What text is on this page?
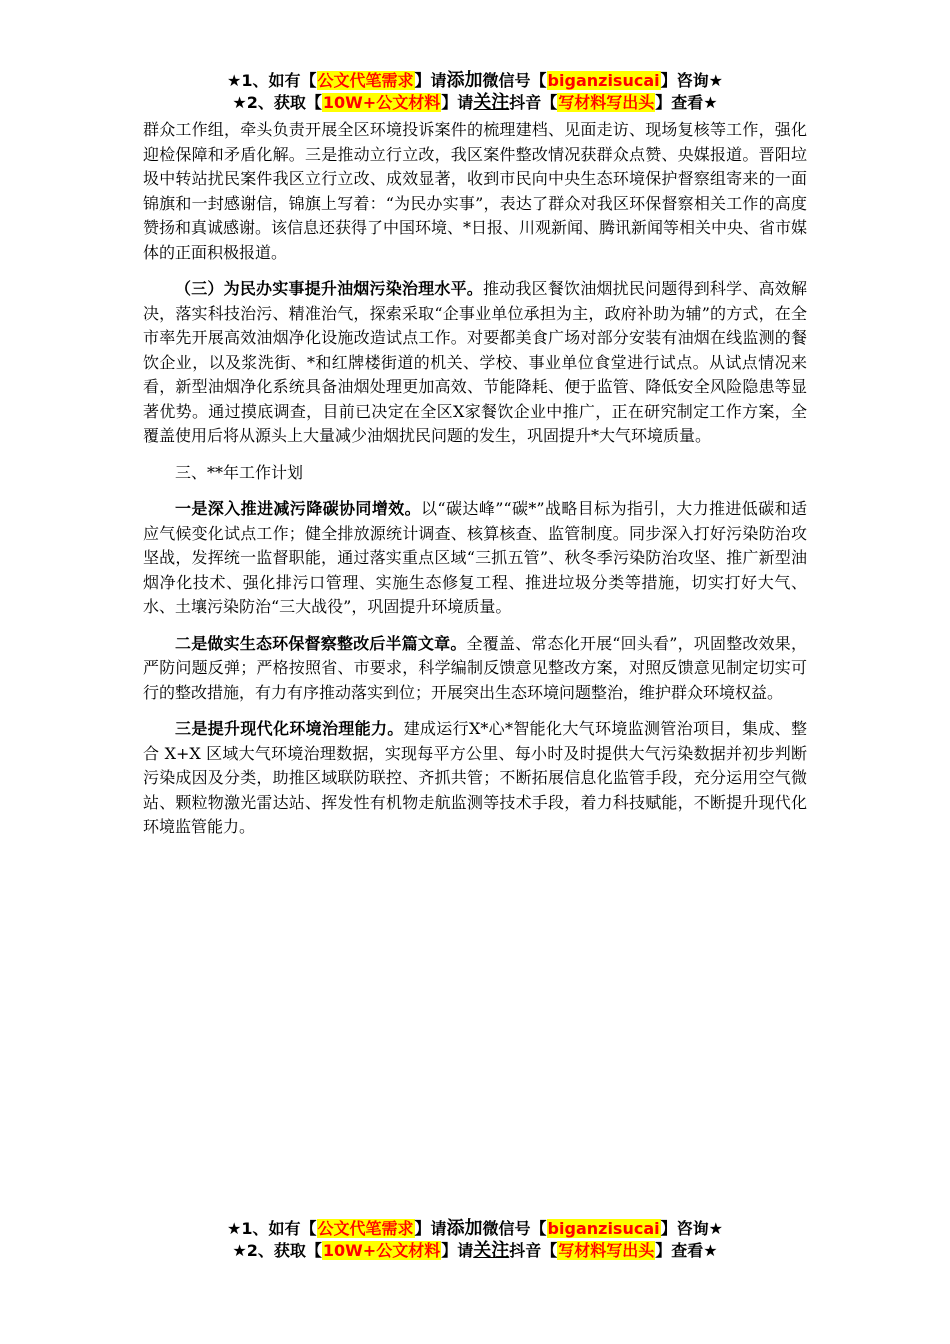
★1、如有【公文代笔需求】请添加微信号【biganzisucai】咨询★
★2、获取【10W+公文材料】请关注抖音【写材料写出头】查看★

群众工作组，牵头负责开展全区环境投诉案件的梳理建档、见面走访、现场复核等工作，强化迎检保障和矛盾化解。三是推动立行立改，我区案件整改情况获群众点赞、央媒报道。晋阳垃圾中转站扰民案件我区立行立改、成效显著，收到市民向中央生态环境保护督察组寄来的一面锦旗和一封感谢信，锦旗上写着：“为民办实事”，表达了群众对我区环保督察相关工作的高度赞扬和真诚感谢。该信息还获得了中国环境、*日报、川观新闻、腾讯新闻等相关中央、省市媒体的正面积极报道。

（三）为民办实事提升油烟污染治理水平。推动我区餐饮油烟扰民问题得到科学、高效解决，落实科技治污、精准治气，探索采取“企事业单位承担为主，政府补助为辅”的方式，在全市率先开展高效油烟净化设施改造试点工作。对要都美食广场对部分安装有油烟在线监测的餐饮企业，以及浆洗街、*和红牌楼街道的机关、学校、事业单位食堂进行试点。从试点情况来看，新型油烟净化系统具备油烟处理更加高效、节能降耗、便于监管、降低安全风险隐患等显著优势。通过摸底调查，目前已决定在全区X家餐饮企业中推广，正在研究制定工作方案，全覆盖使用后将从源头上大量减少油烟扰民问题的发生，巩固提升*大气环境质量。

三、**年工作计划

一是深入推进减污降碳协同增效。以“碳达峰”“碳*”战略目标为指引，大力推进低碳和适应气候变化试点工作；健全排放源统计调查、核算核查、监管制度。同步深入打好污染防治攻坚战，发挥统一监督职能，通过落实重点区域“三抓五管”、秋冬季污染防治攻坚、推广新型油烟净化技术、强化排污口管理、实施生态修复工程、推进垃圾分类等措施，切实打好大气、水、土壤污染防治“三大战役”，巩固提升环境质量。

二是做实生态环保督察整改后半篇文章。全覆盖、常态化开展“回头看”，巩固整改效果，严防问题反弹；严格按照省、市要求，科学编制反馈意见整改方案，对照反馈意见制定切实可行的整改措施，有力有序推动落实到位；开展突出生态环境问题整治，维护群众环境权益。

三是提升现代化环境治理能力。建成运行X*心*智能化大气环境监测管治项目，集成、整合 X+X 区域大气环境治理数据，实现每平方公里、每小时及时提供大气污染数据并初步判断污染成因及分类，助推区域联防联控、齐抓共管；不断拓展信息化监管手段，充分运用空气微站、颗粒物激光雷达站、挥发性有机物走航监测等技术手段，着力科技赋能，不断提升现代化环境监管能力。

★1、如有【公文代笔需求】请添加微信号【biganzisucai】咨询★
★2、获取【10W+公文材料】请关注抖音【写材料写出头】查看★
